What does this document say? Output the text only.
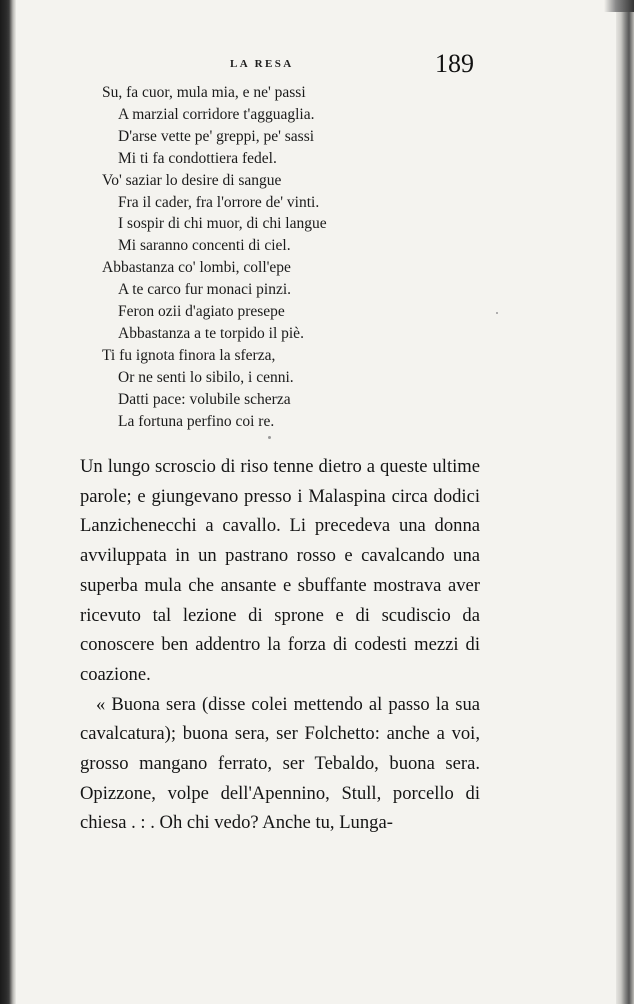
LA RESA	189
Su, fa cuor, mula mia, e ne' passi
A marzial corridore t'agguaglia.
D'arse vette pe' greppi, pe' sassi
Mi ti fa condottiera fedel.
Vo' saziar lo desire di sangue
Fra il cader, fra l'orrore de' vinti.
I sospir di chi muor, di chi langue
Mi saranno concenti di ciel.
Abbastanza co' lombi, coll'epe
A te carco fur monaci pinzi.
Feron ozii d'agiato presepe
Abbastanza a te torpido il piè.
Ti fu ignota finora la sferza,
Or ne senti lo sibilo, i cenni.
Datti pace: volubile scherza
La fortuna perfino coi re.

Un lungo scroscio di riso tenne dietro a queste ultime parole; e giungevano presso i Malaspina circa dodici Lanzichenecchi a cavallo. Li precedeva una donna avviluppata in un pastrano rosso e cavalcando una superba mula che ansante e sbuffante mostrava aver ricevuto tal lezione di sprone e di scudiscio da conoscere ben addentro la forza di codesti mezzi di coazione.

« Buona sera (disse colei mettendo al passo la sua cavalcatura); buona sera, ser Folchetto: anche a voi, grosso mangano ferrato, ser Tebaldo, buona sera. Opizzone, volpe dell'Apennino, Stull, porcello di chiesa . : . Oh chi vedo? Anche tu, Lunga-
